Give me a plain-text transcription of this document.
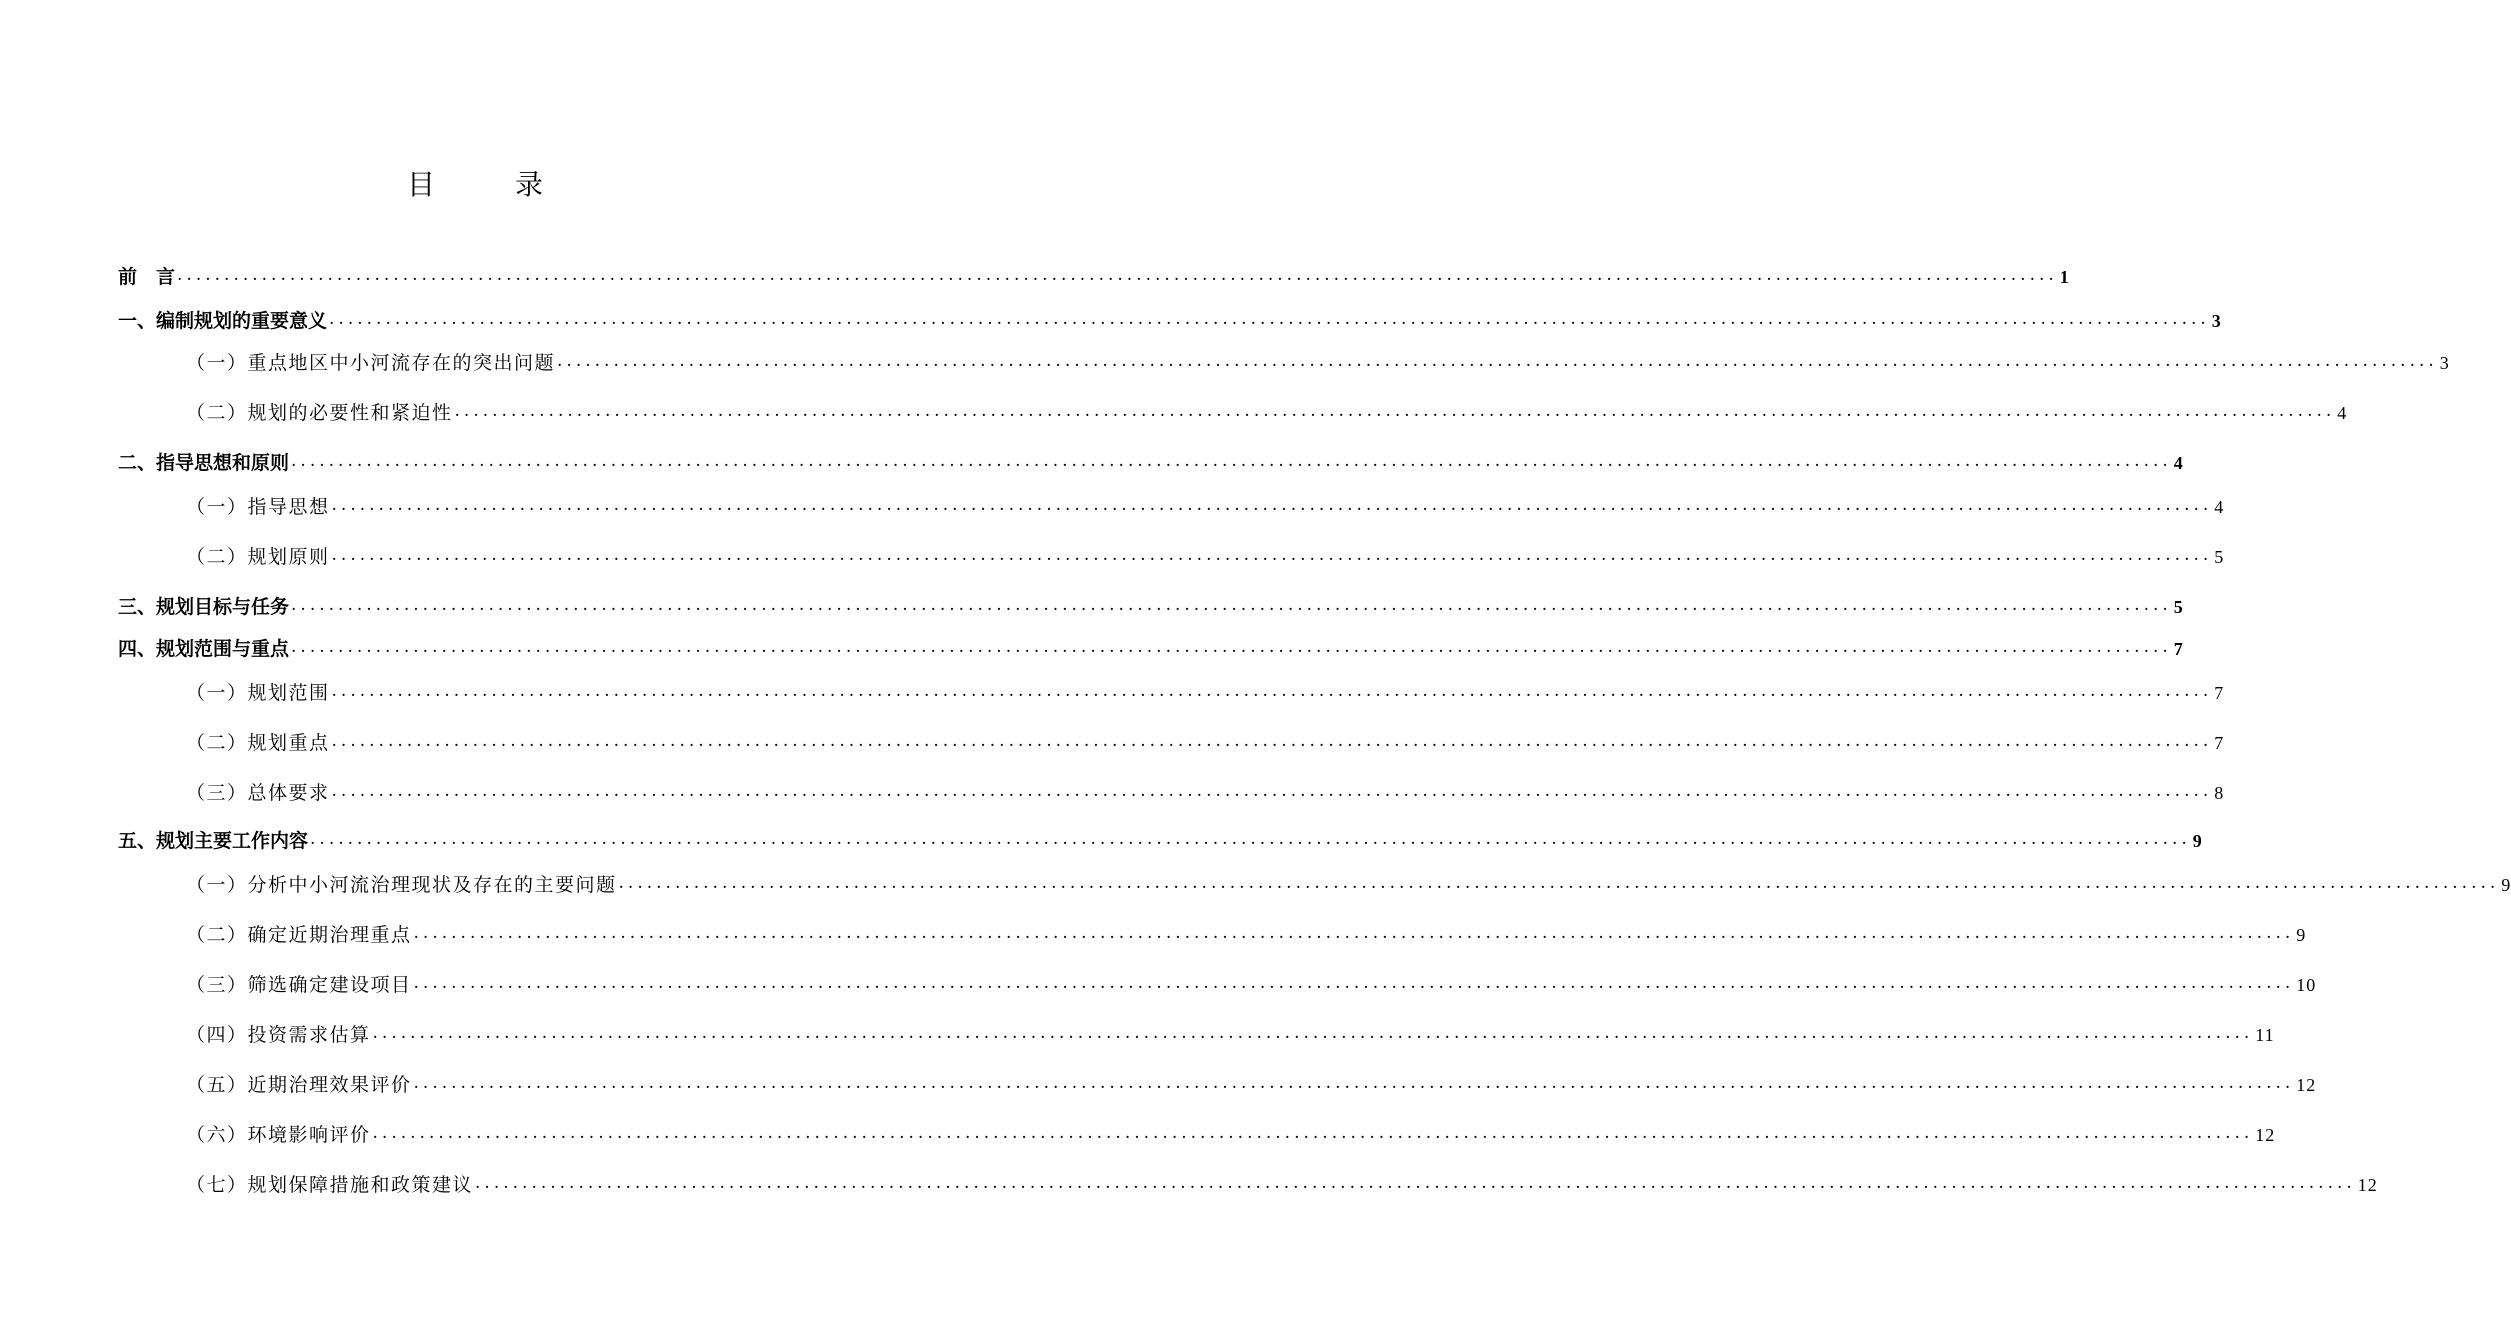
目　录
前　言 ........................................................................................................................................................................................................ 1
一、编制规划的重要意义 ........................................................................................................................................................................................................ 3
（一）重点地区中小河流存在的突出问题 ........................................................................................................................................................................................................ 3
（二）规划的必要性和紧迫性 ........................................................................................................................................................................................................ 4
二、指导思想和原则 ........................................................................................................................................................................................................ 4
（一）指导思想 ........................................................................................................................................................................................................ 4
（二）规划原则 ........................................................................................................................................................................................................ 5
三、规划目标与任务 ........................................................................................................................................................................................................ 5
四、规划范围与重点 ........................................................................................................................................................................................................ 7
（一）规划范围 ........................................................................................................................................................................................................ 7
（二）规划重点 ........................................................................................................................................................................................................ 7
（三）总体要求 ........................................................................................................................................................................................................ 8
五、规划主要工作内容 ........................................................................................................................................................................................................ 9
（一）分析中小河流治理现状及存在的主要问题 ........................................................................................................................................................................................................ 9
（二）确定近期治理重点 ........................................................................................................................................................................................................ 9
（三）筛选确定建设项目 ........................................................................................................................................................................................................ 10
（四）投资需求估算 ........................................................................................................................................................................................................ 11
（五）近期治理效果评价 ........................................................................................................................................................................................................ 12
（六）环境影响评价 ........................................................................................................................................................................................................ 12
（七）规划保障措施和政策建议 ........................................................................................................................................................................................................ 12
